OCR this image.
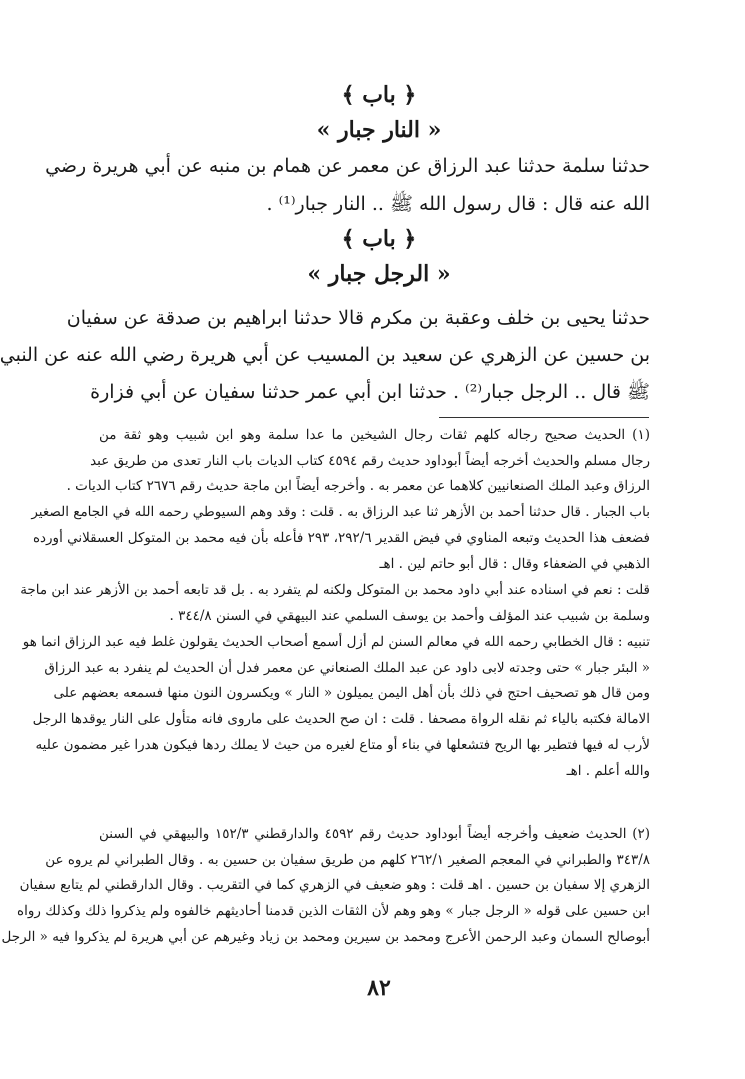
﴿ باب ﴾
« النار جبار »
حدثنا سلمة حدثنا عبد الرزاق عن معمر عن همام بن منبه عن أبي هريرة رضي
الله عنه قال : قال رسول الله ﷺ .. النار جبار⁽¹⁾ .
﴿ باب ﴾
« الرجل جبار »
حدثنا يحيى بن خلف وعقبة بن مكرم قالا حدثنا ابراهيم بن صدقة عن سفيان
بن حسين عن الزهري عن سعيد بن المسيب عن أبي هريرة رضي الله عنه عن النبي
ﷺ قال .. الرجل جبار⁽²⁾ . حدثنا ابن أبي عمر حدثنا سفيان عن أبي فزارة
(١) الحديث صحيح رجاله كلهم ثقات رجال الشيخين ما عدا سلمة وهو ابن شبيب وهو ثقة من
رجال مسلم والحديث أخرجه أيضاً أبوداود حديث رقم ٤٥٩٤ كتاب الديات باب النار تعدى من طريق عبد
الرزاق وعبد الملك الصنعانيين كلاهما عن معمر به . وأخرجه أيضاً ابن ماجة حديث رقم ٢٦٧٦ كتاب الديات .
باب الجبار . قال حدثنا أحمد بن الأزهر ثنا عبد الرزاق به . قلت : وقد وهم السيوطي رحمه الله في الجامع الصغير
فضعف هذا الحديث وتبعه المناوي في فيض القدير ٢٩٢/٦، ٢٩٣ فأعله بأن فيه محمد بن المتوكل العسقلاني أورده
الذهبي في الضعفاء وقال : قال أبو حاتم لين . اهـ
قلت : نعم في اسناده عند أبي داود محمد بن المتوكل ولكنه لم يتفرد به . بل قد تابعه أحمد بن الأزهر عند ابن ماجة
وسلمة بن شبيب عند المؤلف وأحمد بن يوسف السلمي عند البيهقي في السنن ٣٤٤/٨ .
تنبيه : قال الخطابي رحمه الله في معالم السنن لم أزل أسمع أصحاب الحديث يقولون غلط فيه عبد الرزاق انما هو
« البئر جبار » حتى وجدته لابى داود عن عبد الملك الصنعاني عن معمر فدل أن الحديث لم ينفرد به عبد الرزاق
ومن قال هو تصحيف احتج في ذلك بأن أهل اليمن يميلون « النار » ويكسرون النون منها فسمعه بعضهم على
الامالة فكتبه بالياء ثم نقله الرواة مصحفا . قلت : ان صح الحديث على ماروى فانه متأول على النار يوقدها الرجل
لأرب له فيها فتطير بها الريح فتشعلها في بناء أو متاع لغيره من حيث لا يملك ردها فيكون هدرا غير مضمون عليه
والله أعلم . اهـ
(٢) الحديث ضعيف وأخرجه أيضاً أبوداود حديث رقم ٤٥٩٢ والدارقطني ١٥٢/٣ والبيهقي في السنن
٣٤٣/٨ والطبراني في المعجم الصغير ٢٦٢/١ كلهم من طريق سفيان بن حسين به . وقال الطبراني لم يروه عن
الزهري إلا سفيان بن حسين . اهـ قلت : وهو ضعيف في الزهري كما في التقريب . وقال الدارقطني لم يتابع سفيان
ابن حسين على قوله « الرجل جبار » وهو وهم لأن الثقات الذين قدمنا أحاديثهم خالفوه ولم يذكروا ذلك وكذلك رواه
أبوصالح السمان وعبد الرحمن الأعرج ومحمد بن سيرين ومحمد بن زياد وغيرهم عن أبي هريرة لم يذكروا فيه « الرجل
٨٢
